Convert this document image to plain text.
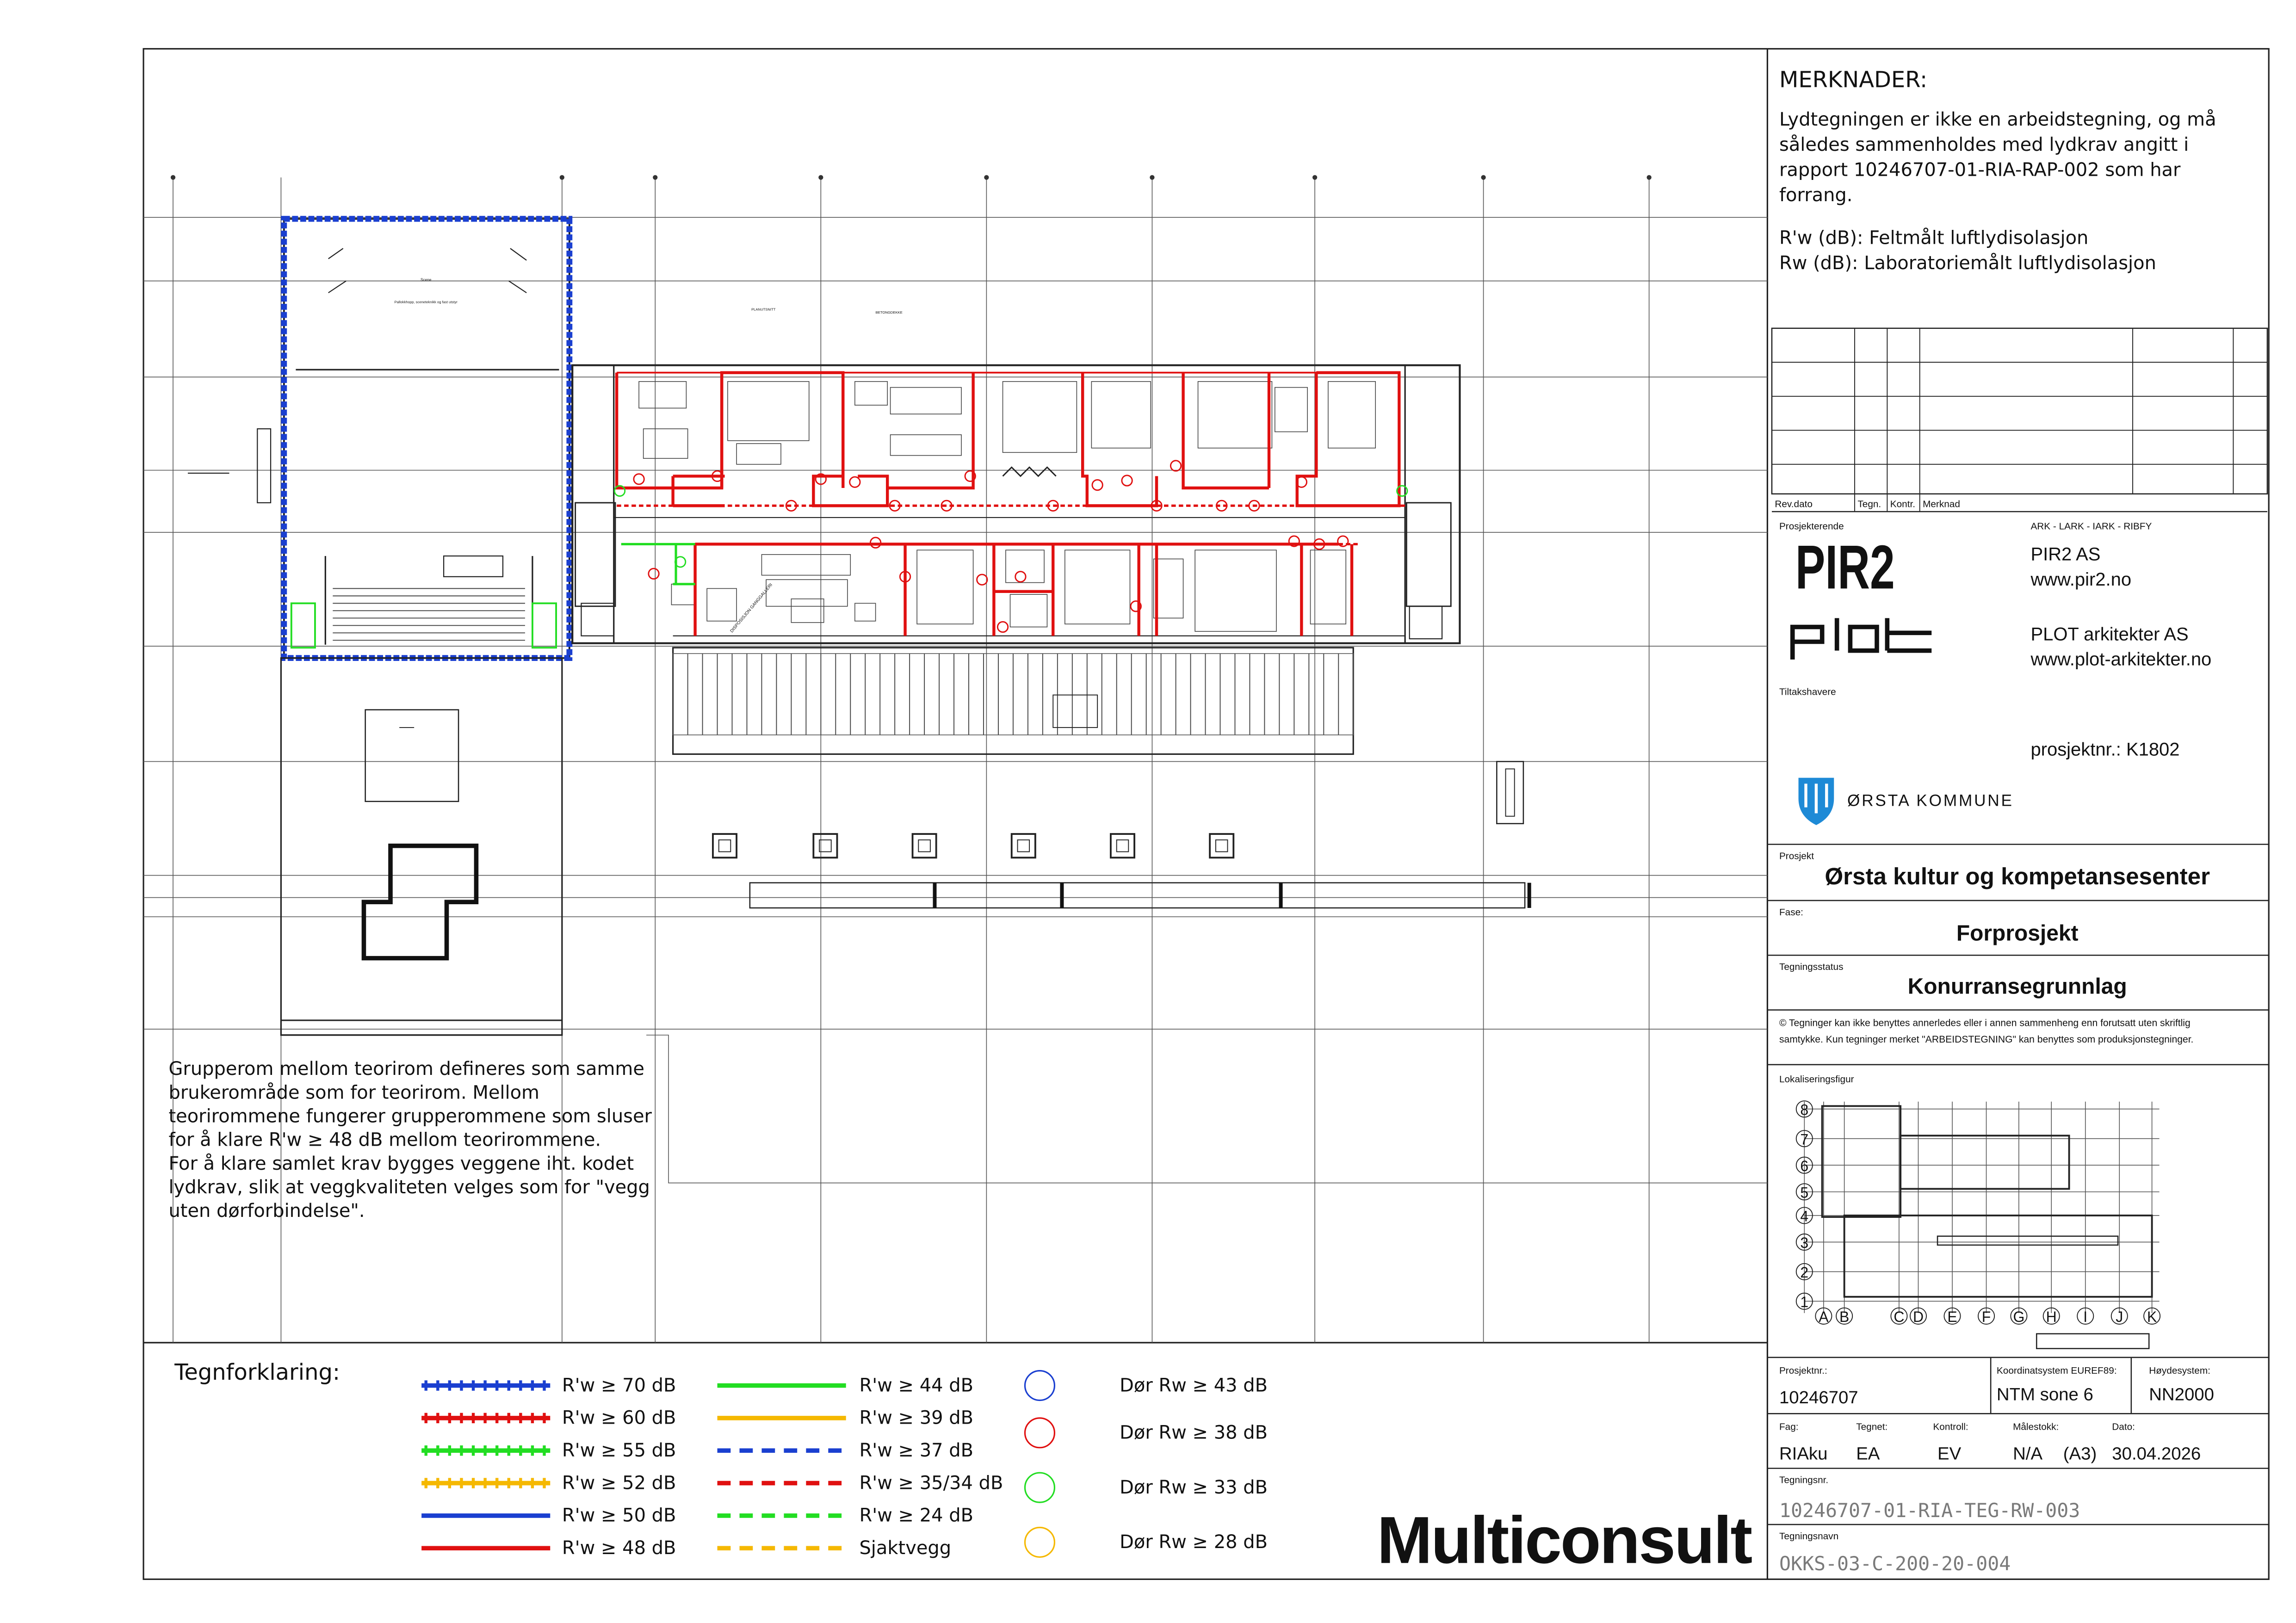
Scene
Pallokkhopp, sceneteknikk og fast utstyr
DISPOSISJON GANGGALLERI
PLANUTSNITT
BETONGDEKKE
MERKNADER:
Lydtegningen er ikke en arbeidstegning, og må
således sammenholdes med lydkrav angitt i
rapport 10246707-01-RIA-RAP-002 som har
forrang.
R'w (dB): Feltmålt luftlydisolasjon
Rw (dB): Laboratoriemålt luftlydisolasjon
Rev.dato	Tegn.	Kontr. Merknad
Prosjekterende	ARK - LARK - IARK - RIBFY
PIR2	PIR2 AS
www.pir2.no
PLOT arkitekter AS
www.plot-arkitekter.no
Tiltakshavere
prosjektnr.: K1802
ØRSTA KOMMUNE
Prosjekt
Ørsta kultur og kompetansesenter
Fase:
Forprosjekt
Tegningsstatus
Konurransegrunnlag
© Tegninger kan ikke benyttes annerledes eller i annen sammenheng enn forutsatt uten skriftlig
samtykke. Kun tegninger merket "ARBEIDSTEGNING" kan benyttes som produksjonstegninger.
Lokaliseringsfigur
8
7
6
5
4
3
2
1
A B	C D	E	F	G	H	I	J	K
Prosjektnr.:
10246707
Koordinatsystem EUREF89:
NTM sone 6
Høydesystem:
NN2000
Fag:
RIAku
Tegnet:
EA
Kontroll:
EV
Målestokk:
N/A	(A3)
Dato:
30.04.2026
Tegningsnr.
10246707-01-RIA-TEG-RW-003
Tegningsnavn
OKKS-03-C-200-20-004
Multiconsult
Grupperom mellom teorirom defineres som samme
brukerområde som for teorirom. Mellom
teorirommene fungerer grupperommene som sluser
for å klare R'w ≥ 48 dB mellom teorirommene.
For å klare samlet krav bygges veggene iht. kodet
lydkrav, slik at veggkvaliteten velges som for "vegg
uten dørforbindelse".
Tegnforklaring:
R'w ≥ 70 dB
R'w ≥ 60 dB
R'w ≥ 55 dB
R'w ≥ 52 dB
R'w ≥ 50 dB
R'w ≥ 48 dB
R'w ≥ 44 dB
R'w ≥ 39 dB
R'w ≥ 37 dB
R'w ≥ 35/34 dB
R'w ≥ 24 dB
Sjaktvegg
Dør Rw ≥ 43 dB
Dør Rw ≥ 38 dB
Dør Rw ≥ 33 dB
Dør Rw ≥ 28 dB
